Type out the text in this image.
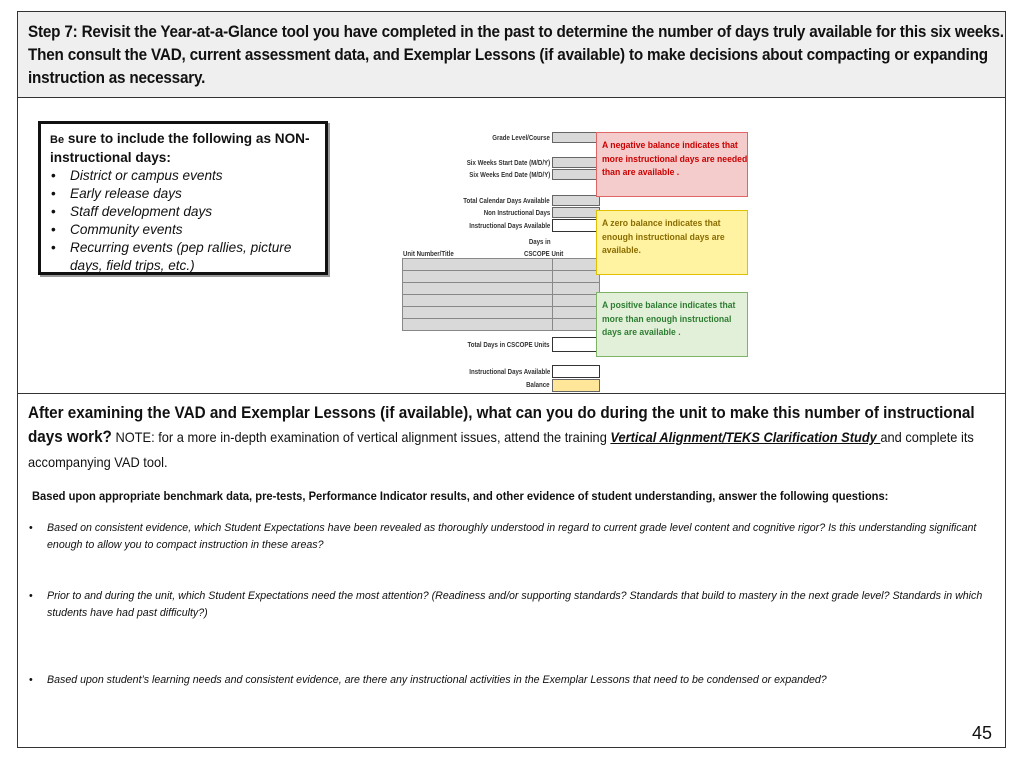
Step 7: Revisit the Year-at-a-Glance tool you have completed in the past to determine the number of days truly available for this six weeks. Then consult the VAD, current assessment data, and Exemplar Lessons (if available) to make decisions about compacting or expanding instruction as necessary.
Be sure to include the following as NON-instructional days:
• District or campus events
• Early release days
• Staff development days
• Community events
• Recurring events (pep rallies, picture days, field trips, etc.)
Grade Level/Course
Six Weeks Start Date (M/D/Y)
Six Weeks End Date (M/D/Y)
Total Calendar Days Available
Non Instructional Days
Instructional Days Available
Days in
CSCOPE Unit
Unit Number/Title
Total Days in CSCOPE Units
Instructional Days Available
Balance
A negative balance indicates that more instructional days are needed than are available .
A zero balance indicates that enough instructional days are available.
A positive balance indicates that more than enough instructional days are available .
After examining the VAD and Exemplar Lessons (if available), what can you do during the unit to make this number of instructional days work? NOTE: for a more in-depth examination of vertical alignment issues, attend the training Vertical Alignment/TEKS Clarification Study and complete its accompanying VAD tool.
Based upon appropriate benchmark data, pre-tests, Performance Indicator results, and other evidence of student understanding, answer the following questions:
• Based on consistent evidence, which Student Expectations have been revealed as thoroughly understood in regard to current grade level content and cognitive rigor? Is this understanding significant enough to allow you to compact instruction in these areas?
• Prior to and during the unit, which Student Expectations need the most attention? (Readiness and/or supporting standards? Standards that build to mastery in the next grade level? Standards in which students have had past difficulty?)
• Based upon student’s learning needs and consistent evidence, are there any instructional activities in the Exemplar Lessons that need to be condensed or expanded?
45
